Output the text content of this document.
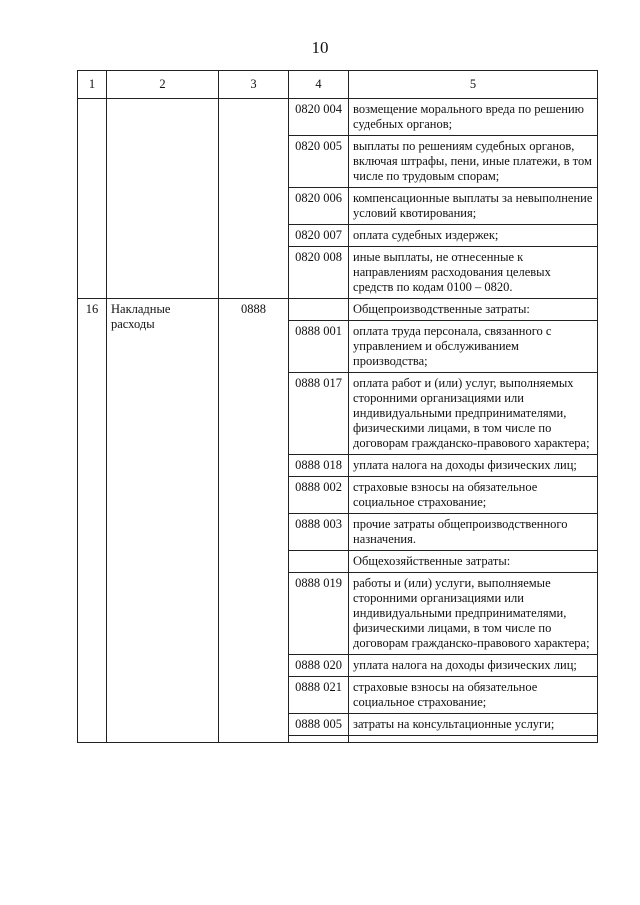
10
1	2	3	4	5
			0820 004	возмещение морального вреда по решению судебных органов;
			0820 005	выплаты по решениям судебных органов, включая штрафы, пени, иные платежи, в том числе по трудовым спорам;
			0820 006	компенсационные выплаты за невыполнение условий квотирования;
			0820 007	оплата судебных издержек;
			0820 008	иные выплаты, не отнесенные к направлениям расходования целевых средств по кодам 0100 – 0820.
16	Накладные расходы	0888		Общепроизводственные затраты:
			0888 001	оплата труда персонала, связанного с управлением и обслуживанием производства;
			0888 017	оплата работ и (или) услуг, выполняемых сторонними организациями или индивидуальными предпринимателями, физическими лицами, в том числе по договорам гражданско-правового характера;
			0888 018	уплата налога на доходы физических лиц;
			0888 002	страховые взносы на обязательное социальное страхование;
			0888 003	прочие затраты общепроизводственного назначения.
				Общехозяйственные затраты:
			0888 019	работы и (или) услуги, выполняемые сторонними организациями или индивидуальными предпринимателями, физическими лицами, в том числе по договорам гражданско-правового характера;
			0888 020	уплата налога на доходы физических лиц;
			0888 021	страховые взносы на обязательное социальное страхование;
			0888 005	затраты на консультационные услуги;
